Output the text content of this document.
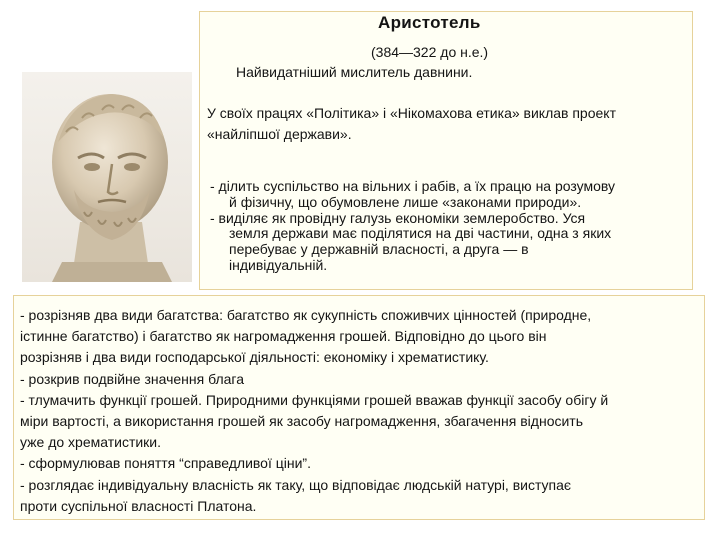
Аристотель
(384—322 до н.е.)
Найвидатніший мислитель давнини.
У своїх працях «Політика» і «Нікомахова етика» виклав проект
«найліпшої держави».
- ділить суспільство на вільних і рабів, а їх працю на розумову
й фізичну, що обумовлене лише «законами природи».
- виділяє як провідну галузь економіки землеробство. Уся
земля держави має поділятися на дві частини, одна з яких
перебуває у державній власності, а друга — в
індивідуальній.
- розрізняв два види багатства: багатство як сукупність споживчих цінностей (природне,
істинне багатство) і багатство як нагромадження грошей. Відповідно до цього він
розрізняв і два види господарської діяльності: економіку і хрематистику.
- розкрив подвійне значення блага
- тлумачить функції грошей. Природними функціями грошей вважав функції засобу обігу й
міри вартості, а використання грошей як засобу нагромадження, збагачення відносить
уже до хрематистики.
- сформулював поняття “справедливої ціни”.
- розглядає індивідуальну власність як таку, що відповідає людській натурі, виступає
проти суспільної власності Платона.
